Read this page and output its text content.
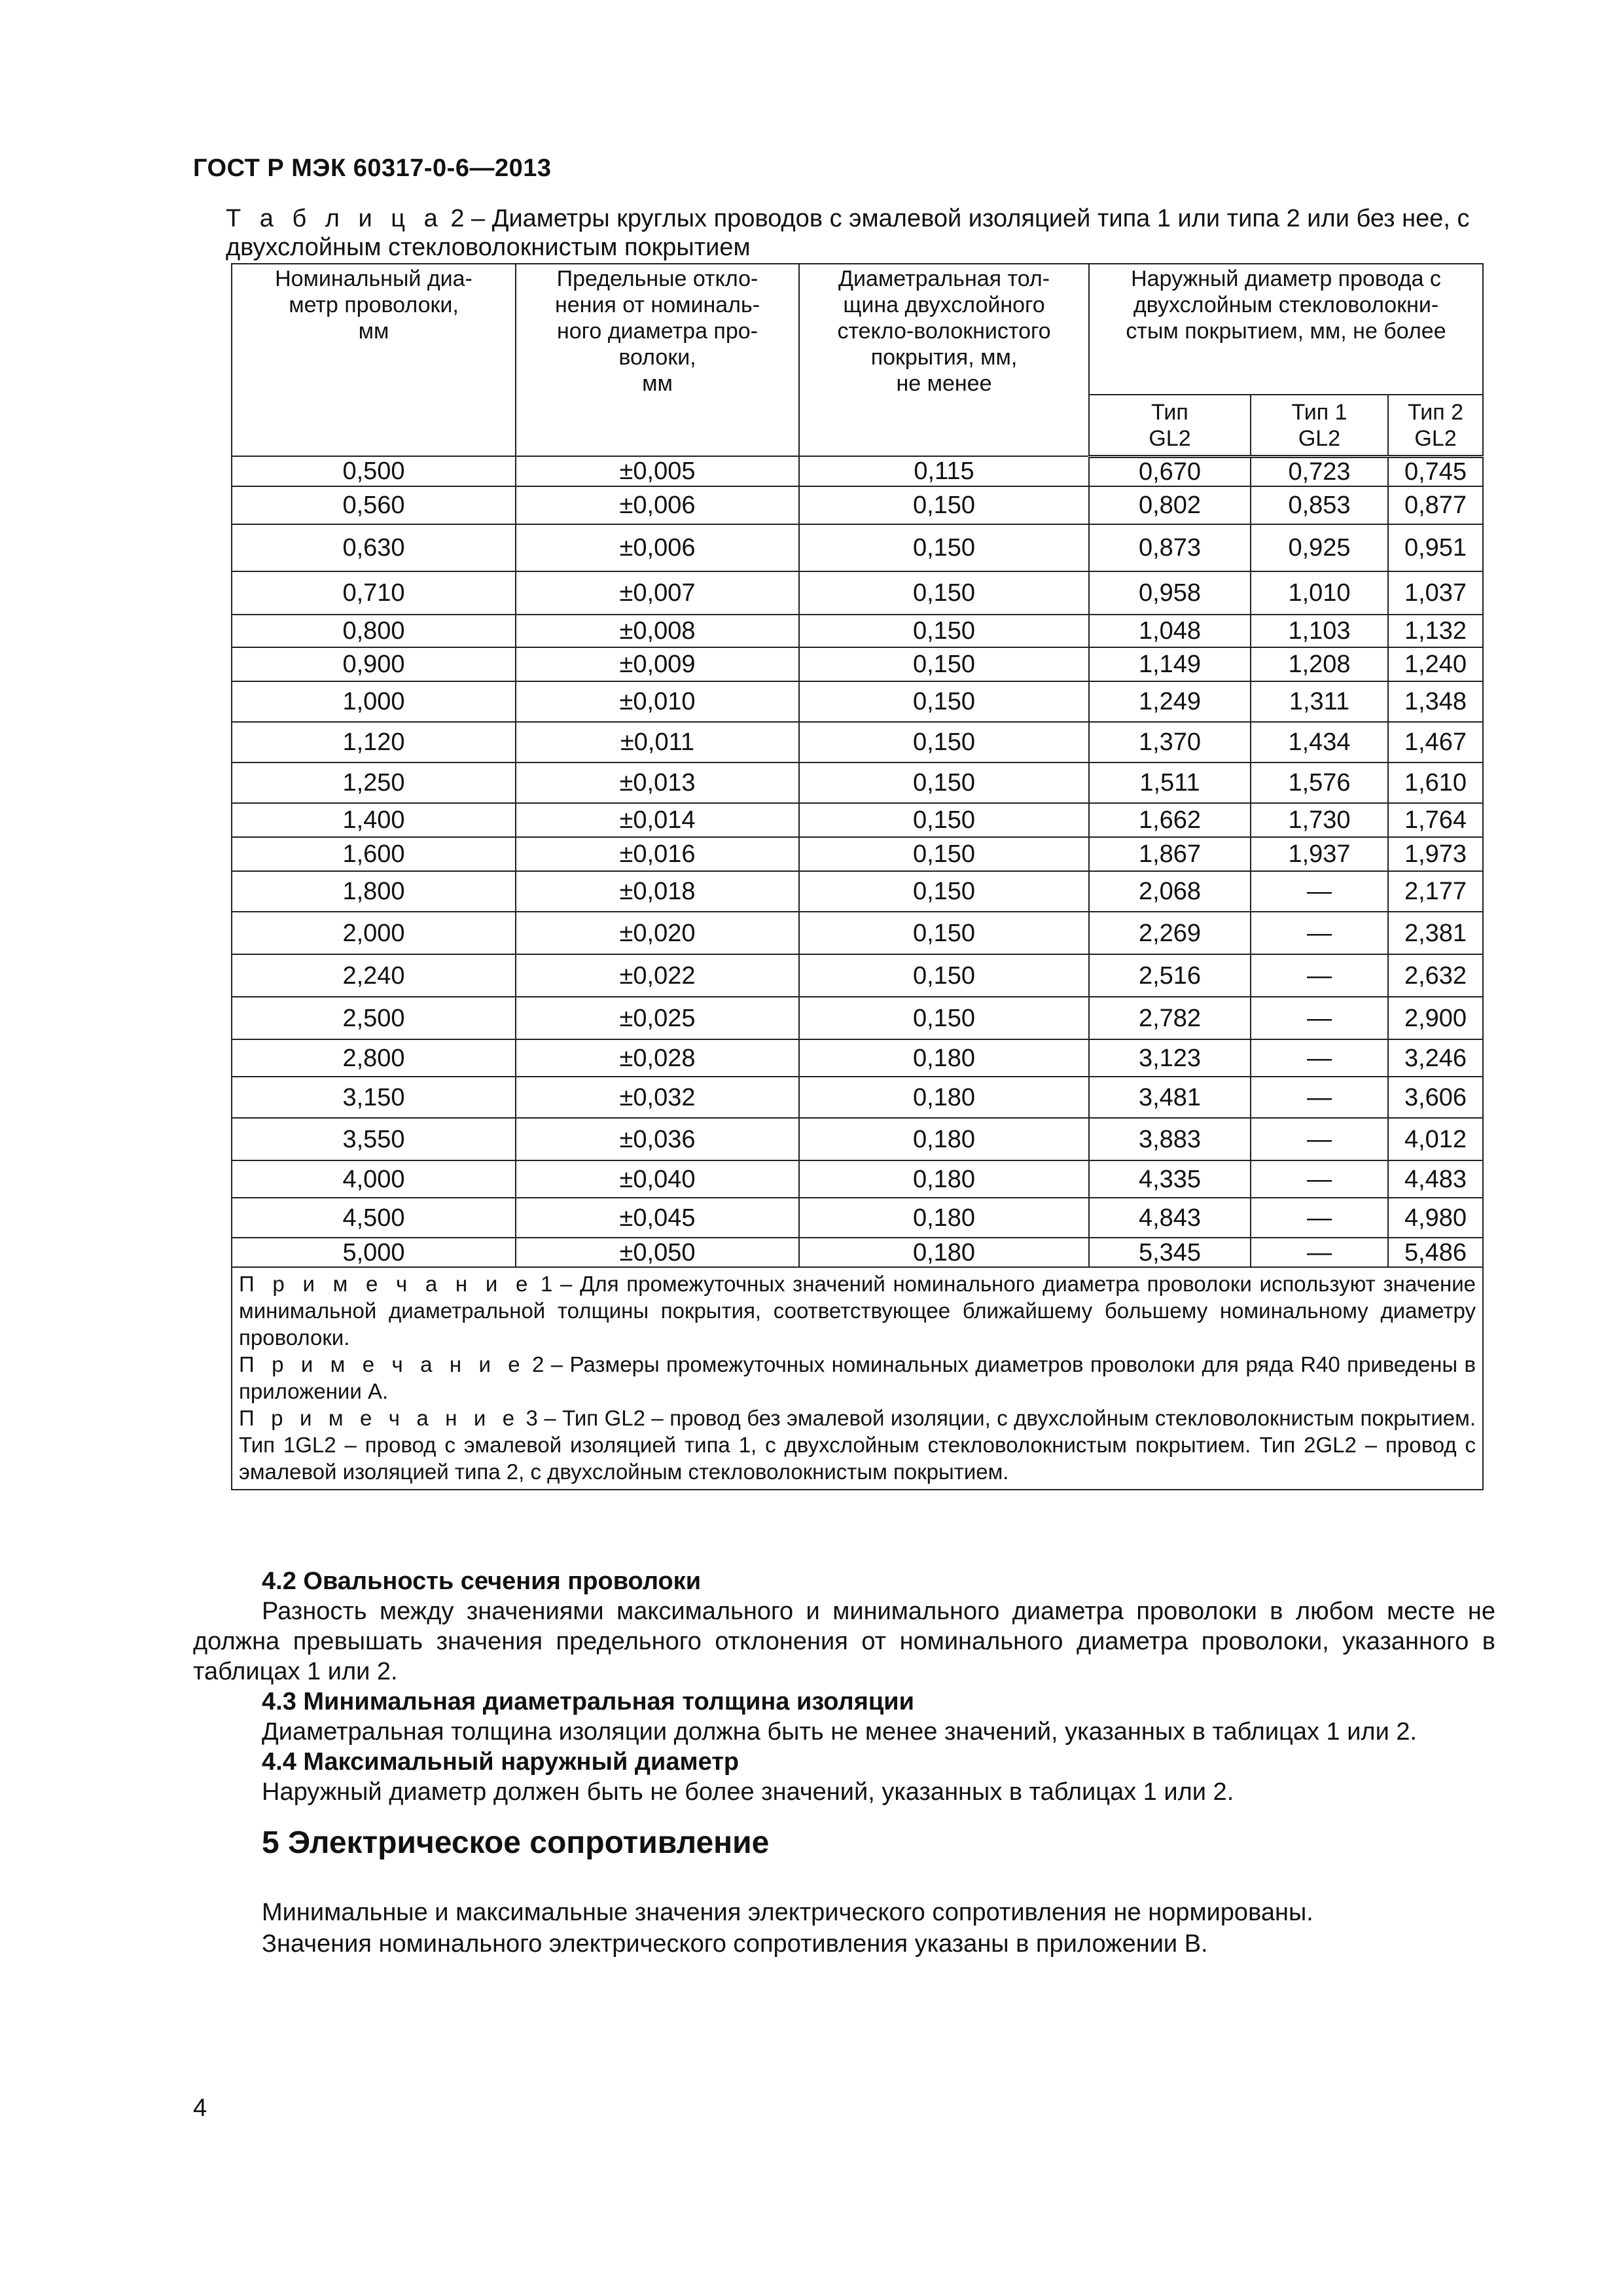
ГОСТ Р МЭК 60317-0-6—2013
Т а б л и ц а 2 – Диаметры круглых проводов с эмалевой изоляцией типа 1 или типа 2 или без нее, с двухслойным стекловолокнистым покрытием
Номинальный диа-
метр проволоки,
мм	Предельные откло-
нения от номиналь-
ного диаметра про-
волоки,
мм	Диаметральная тол-
щина двухслойного
стекло-волокнистого
покрытия, мм,
не менее	Наружный диаметр провода с
двухслойным стекловолокни-
стым покрытием, мм, не более		
			Тип
GL2	Тип 1
GL2	Тип 2
GL2
0,500	±0,005	0,115	0,670	0,723	0,745
0,560	±0,006	0,150	0,802	0,853	0,877
0,630	±0,006	0,150	0,873	0,925	0,951
0,710	±0,007	0,150	0,958	1,010	1,037
0,800	±0,008	0,150	1,048	1,103	1,132
0,900	±0,009	0,150	1,149	1,208	1,240
1,000	±0,010	0,150	1,249	1,311	1,348
1,120	±0,011	0,150	1,370	1,434	1,467
1,250	±0,013	0,150	1,511	1,576	1,610
1,400	±0,014	0,150	1,662	1,730	1,764
1,600	±0,016	0,150	1,867	1,937	1,973
1,800	±0,018	0,150	2,068	—	2,177
2,000	±0,020	0,150	2,269	—	2,381
2,240	±0,022	0,150	2,516	—	2,632
2,500	±0,025	0,150	2,782	—	2,900
2,800	±0,028	0,180	3,123	—	3,246
3,150	±0,032	0,180	3,481	—	3,606
3,550	±0,036	0,180	3,883	—	4,012
4,000	±0,040	0,180	4,335	—	4,483
4,500	±0,045	0,180	4,843	—	4,980
5,000	±0,050	0,180	5,345	—	5,486

П р и м е ч а н и е 1 – Для промежуточных значений номинального диаметра проволоки используют значение минимальной диаметральной толщины покрытия, соответствующее ближайшему большему номинальному диаметру проволоки.

П р и м е ч а н и е 2 – Размеры промежуточных номинальных диаметров проволоки для ряда R40 приведены в приложении А.

П р и м е ч а н и е 3 – Тип GL2 – провод без эмалевой изоляции, с двухслойным стекловолокнистым покрытием. Тип 1GL2 – провод с эмалевой изоляцией типа 1, с двухслойным стекловолокнистым покрытием. Тип 2GL2 – провод с эмалевой изоляцией типа 2, с двухслойным стекловолокнистым покрытием.					

4.2 Овальность сечения проволоки
Разность между значениями максимального и минимального диаметра проволоки в любом месте не должна превышать значения предельного отклонения от номинального диаметра проволоки, указанного в таблицах 1 или 2.
4.3 Минимальная диаметральная толщина изоляции
Диаметральная толщина изоляции должна быть не менее значений, указанных в таблицах 1 или 2.
4.4 Максимальный наружный диаметр
Наружный диаметр должен быть не более значений, указанных в таблицах 1 или 2.
5 Электрическое сопротивление

Минимальные и максимальные значения электрического сопротивления не нормированы.

Значения номинального электрического сопротивления указаны в приложении В.

4
